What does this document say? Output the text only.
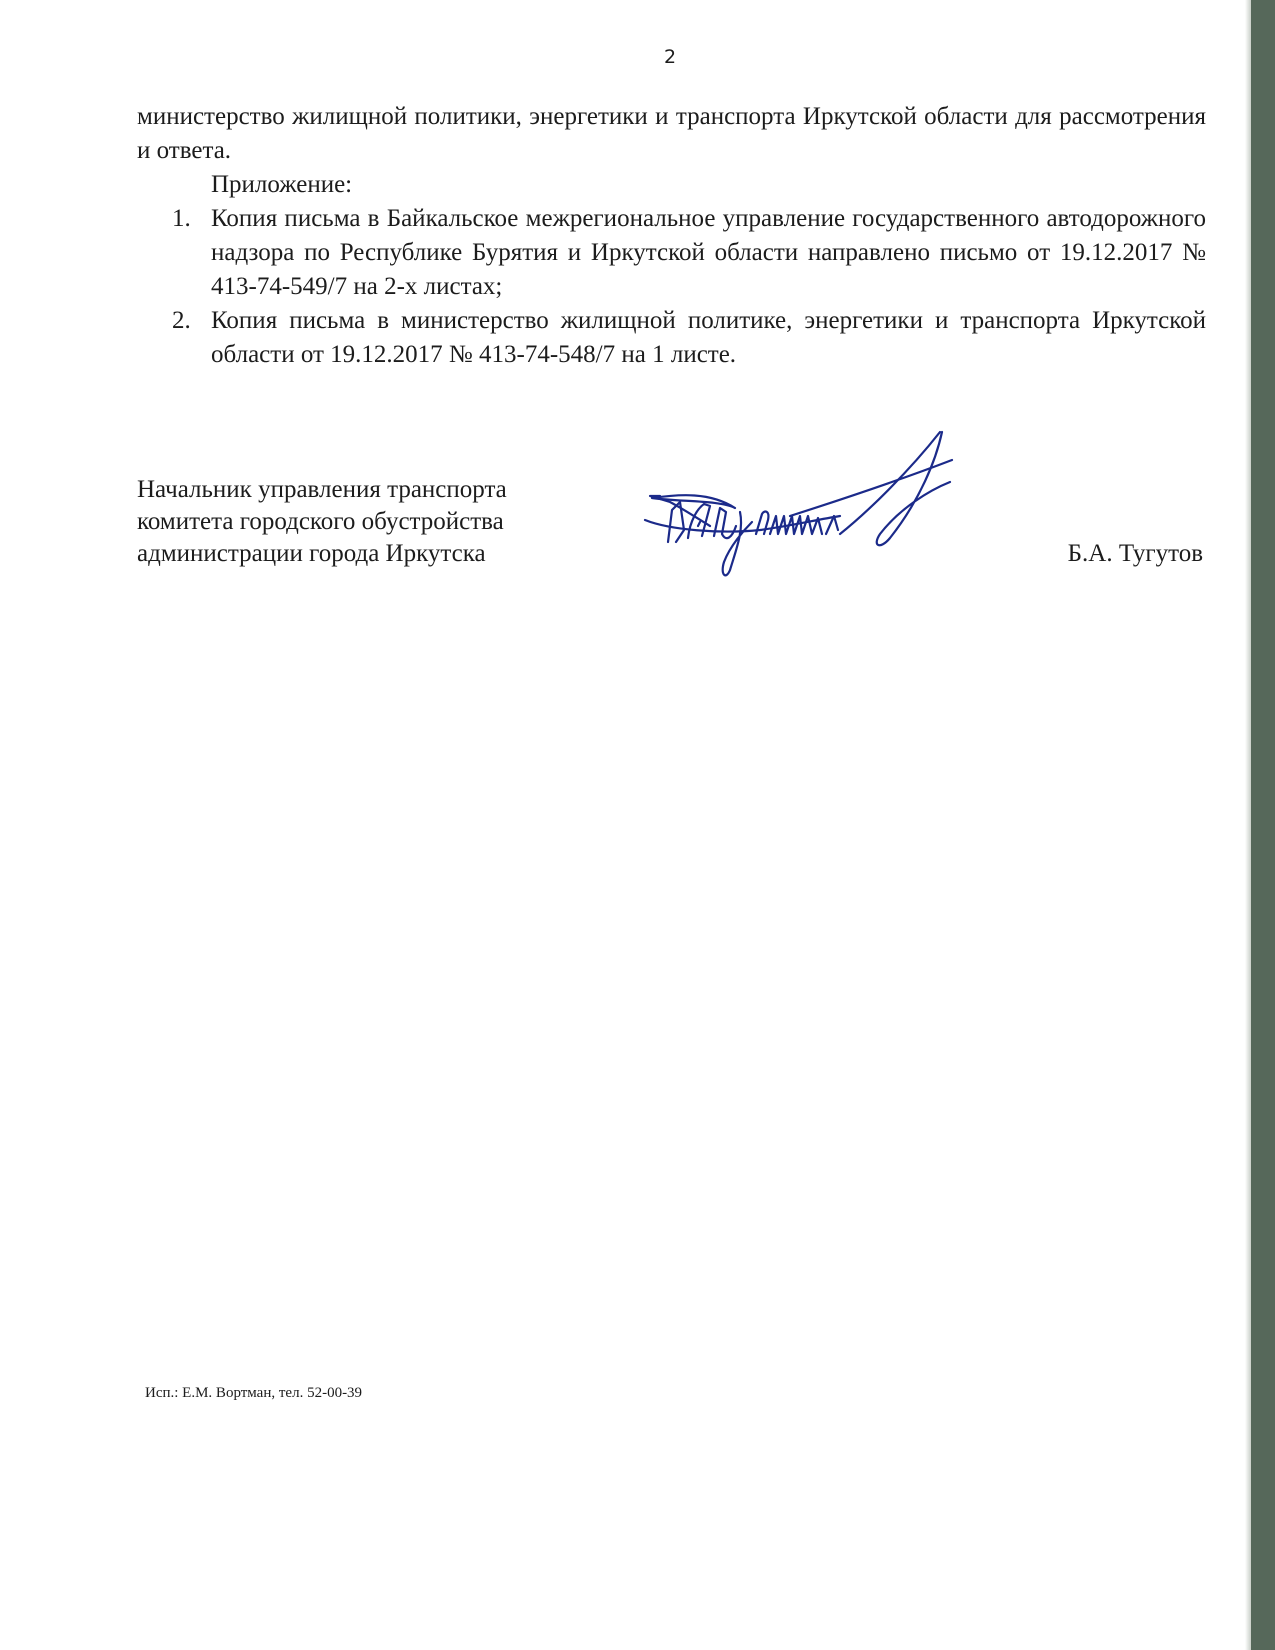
2

министерство жилищной политики, энергетики и транспорта Иркутской области для рассмотрения и ответа.

Приложение:

1. Копия письма в Байкальское межрегиональное управление государственного автодорожного надзора по Республике Бурятия и Иркутской области направлено письмо от 19.12.2017 № 413-74-549/7 на 2-х листах;
2. Копия письма в министерство жилищной политике, энергетики и транспорта Иркутской области от 19.12.2017 № 413-74-548/7 на 1 листе.
Начальник управления транспорта
комитета городского обустройства
администрации города Иркутска	Б.А. Тугутов
Исп.: Е.М. Вортман, тел. 52-00-39
